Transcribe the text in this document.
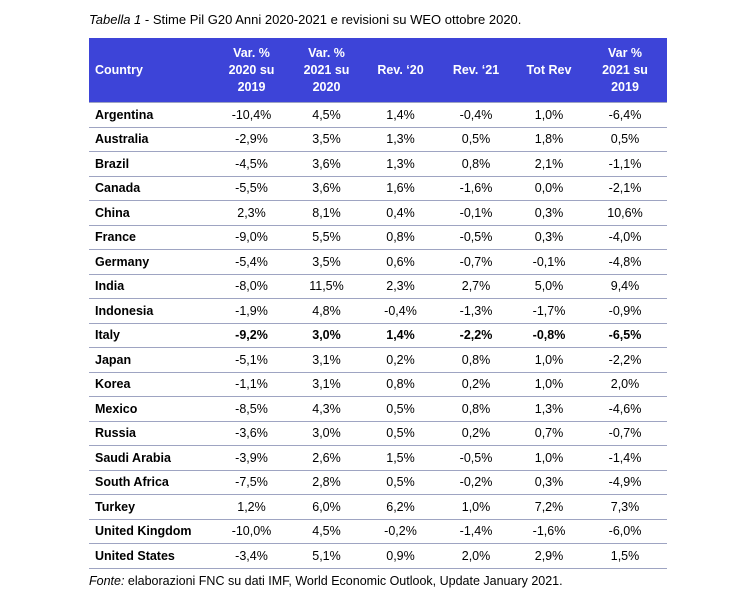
Tabella 1 - Stime Pil G20 Anni 2020-2021 e revisioni su WEO ottobre 2020.
Country	Var. %
2020 su
2019	Var. %
2021 su
2020	Rev. ‘20	Rev. ‘21	Tot Rev	Var %
2021 su
2019
Argentina	-10,4%	4,5%	1,4%	-0,4%	1,0%	-6,4%
Australia	-2,9%	3,5%	1,3%	0,5%	1,8%	0,5%
Brazil	-4,5%	3,6%	1,3%	0,8%	2,1%	-1,1%
Canada	-5,5%	3,6%	1,6%	-1,6%	0,0%	-2,1%
China	2,3%	8,1%	0,4%	-0,1%	0,3%	10,6%
France	-9,0%	5,5%	0,8%	-0,5%	0,3%	-4,0%
Germany	-5,4%	3,5%	0,6%	-0,7%	-0,1%	-4,8%
India	-8,0%	11,5%	2,3%	2,7%	5,0%	9,4%
Indonesia	-1,9%	4,8%	-0,4%	-1,3%	-1,7%	-0,9%
Italy	-9,2%	3,0%	1,4%	-2,2%	-0,8%	-6,5%
Japan	-5,1%	3,1%	0,2%	0,8%	1,0%	-2,2%
Korea	-1,1%	3,1%	0,8%	0,2%	1,0%	2,0%
Mexico	-8,5%	4,3%	0,5%	0,8%	1,3%	-4,6%
Russia	-3,6%	3,0%	0,5%	0,2%	0,7%	-0,7%
Saudi Arabia	-3,9%	2,6%	1,5%	-0,5%	1,0%	-1,4%
South Africa	-7,5%	2,8%	0,5%	-0,2%	0,3%	-4,9%
Turkey	1,2%	6,0%	6,2%	1,0%	7,2%	7,3%
United Kingdom	-10,0%	4,5%	-0,2%	-1,4%	-1,6%	-6,0%
United States	-3,4%	5,1%	0,9%	2,0%	2,9%	1,5%
Fonte: elaborazioni FNC su dati IMF, World Economic Outlook, Update January 2021.
